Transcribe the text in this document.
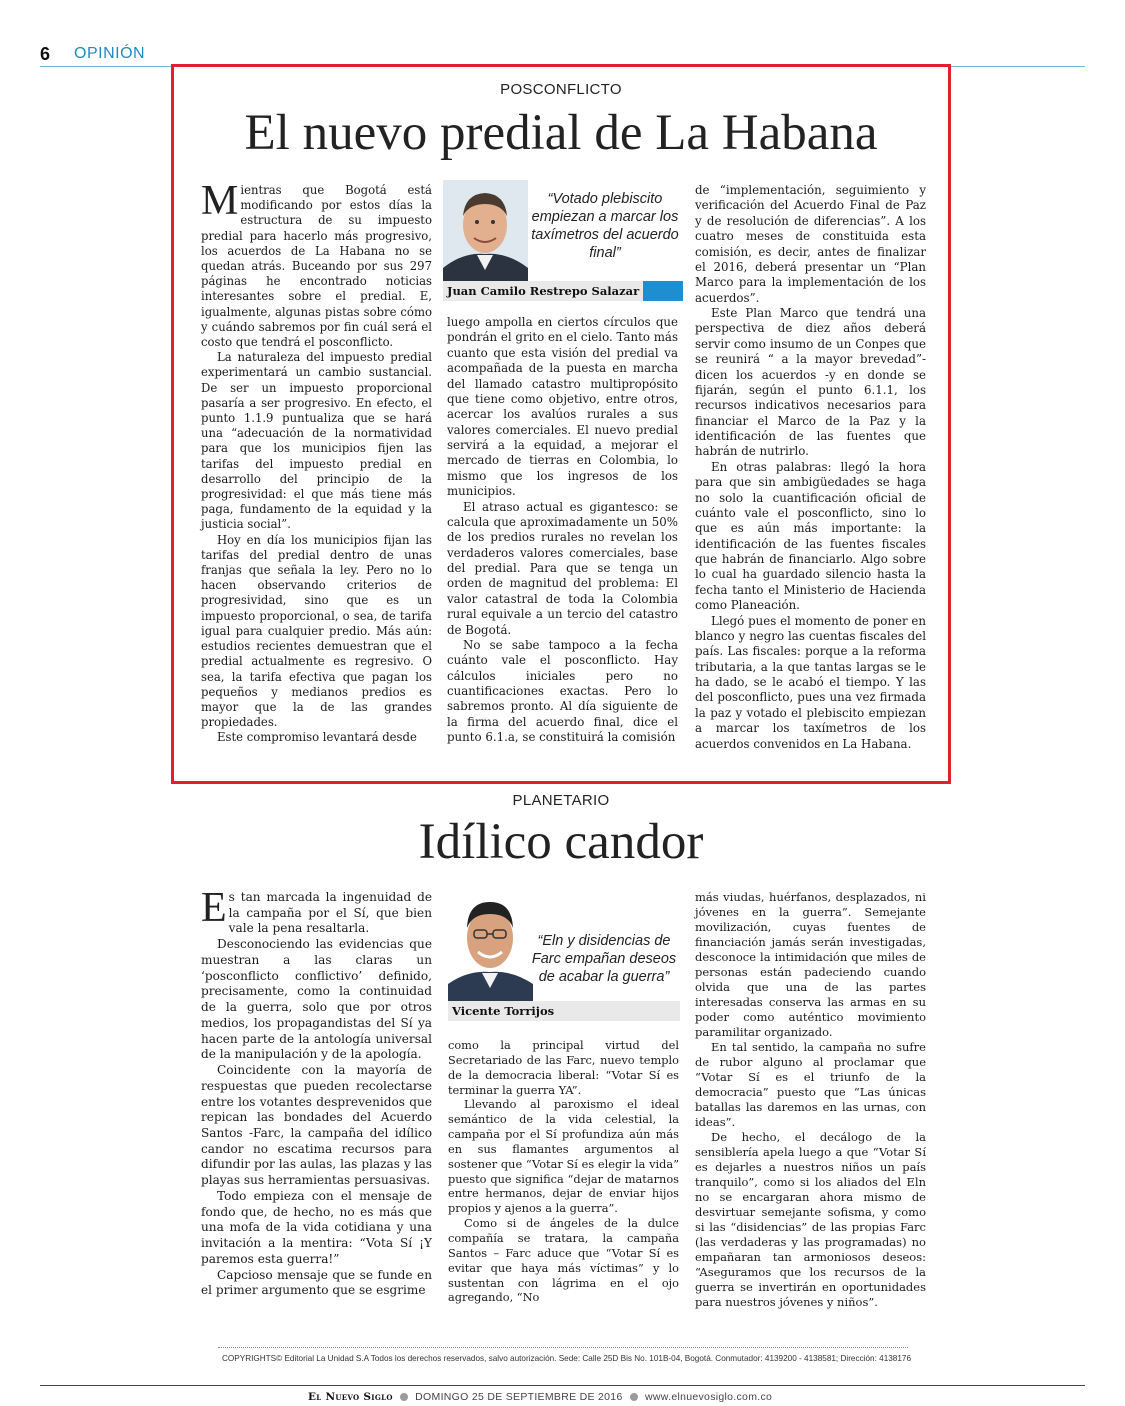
6 OPINIÓN
POSCONFLICTO
El nuevo predial de La Habana

Mientras que Bogotá está modificando por estos días la estructura de su impuesto predial para hacerlo más progresivo, los acuerdos de La Habana no se quedan atrás. Buceando por sus 297 páginas he encontrado noticias interesantes sobre el predial. E, igualmente, algunas pistas sobre cómo y cuándo sabremos por fin cuál será el costo que tendrá el posconflicto.

La naturaleza del impuesto predial experimentará un cambio sustancial. De ser un impuesto proporcional pasaría a ser progresivo. En efecto, el punto 1.1.9 puntualiza que se hará una “adecuación de la normatividad para que los municipios fijen las tarifas del impuesto predial en desarrollo del principio de la progresividad: el que más tiene más paga, fundamento de la equidad y la justicia social”.

Hoy en día los municipios fijan las tarifas del predial dentro de unas franjas que señala la ley. Pero no lo hacen observando criterios de progresividad, sino que es un impuesto proporcional, o sea, de tarifa igual para cualquier predio. Más aún: estudios recientes demuestran que el predial actualmente es regresivo. O sea, la tarifa efectiva que pagan los pequeños y medianos predios es mayor que la de las grandes propiedades.

Este compromiso levantará desde

“Votado plebiscito empiezan a marcar los taxímetros del acuerdo final”
Juan Camilo Restrepo Salazar

luego ampolla en ciertos círculos que pondrán el grito en el cielo. Tanto más cuanto que esta visión del predial va acompañada de la puesta en marcha del llamado catastro multipropósito que tiene como objetivo, entre otros, acercar los avalúos rurales a sus valores comerciales. El nuevo predial servirá a la equidad, a mejorar el mercado de tierras en Colombia, lo mismo que los ingresos de los municipios.

El atraso actual es gigantesco: se calcula que aproximadamente un 50% de los predios rurales no revelan los verdaderos valores comerciales, base del predial. Para que se tenga un orden de magnitud del problema: El valor catastral de toda la Colombia rural equivale a un tercio del catastro de Bogotá.

No se sabe tampoco a la fecha cuánto vale el posconflicto. Hay cálculos iniciales pero no cuantificaciones exactas. Pero lo sabremos pronto. Al día siguiente de la firma del acuerdo final, dice el punto 6.1.a, se constituirá la comisión

de “implementación, seguimiento y verificación del Acuerdo Final de Paz y de resolución de diferencias”. A los cuatro meses de constituida esta comisión, es decir, antes de finalizar el 2016, deberá presentar un “Plan Marco para la implementación de los acuerdos”.

Este Plan Marco que tendrá una perspectiva de diez años deberá servir como insumo de un Conpes que se reunirá “ a la mayor brevedad”- dicen los acuerdos -y en donde se fijarán, según el punto 6.1.1, los recursos indicativos necesarios para financiar el Marco de la Paz y la identificación de las fuentes que habrán de nutrirlo.

En otras palabras: llegó la hora para que sin ambigüedades se haga no solo la cuantificación oficial de cuánto vale el posconflicto, sino lo que es aún más importante: la identificación de las fuentes fiscales que habrán de financiarlo. Algo sobre lo cual ha guardado silencio hasta la fecha tanto el Ministerio de Hacienda como Planeación.

Llegó pues el momento de poner en blanco y negro las cuentas fiscales del país. Las fiscales: porque a la reforma tributaria, a la que tantas largas se le ha dado, se le acabó el tiempo. Y las del posconflicto, pues una vez firmada la paz y votado el plebiscito empiezan a marcar los taxímetros de los acuerdos convenidos en La Habana.

PLANETARIO
Idílico candor

Es tan marcada la ingenuidad de la campaña por el Sí, que bien vale la pena resaltarla.

Desconociendo las evidencias que muestran a las claras un ‘posconflicto conflictivo’ definido, precisamente, como la continuidad de la guerra, solo que por otros medios, los propagandistas del Sí ya hacen parte de la antología universal de la manipulación y de la apología.

Coincidente con la mayoría de respuestas que pueden recolectarse entre los votantes desprevenidos que repican las bondades del Acuerdo Santos -Farc, la campaña del idílico candor no escatima recursos para difundir por las aulas, las plazas y las playas sus herramientas persuasivas.

Todo empieza con el mensaje de fondo que, de hecho, no es más que una mofa de la vida cotidiana y una invitación a la mentira: “Vota Sí ¡Y paremos esta guerra!”

Capcioso mensaje que se funde en el primer argumento que se esgrime

“Eln y disidencias de Farc empañan deseos de acabar la guerra”
Vicente Torrijos

como la principal virtud del Secretariado de las Farc, nuevo templo de la democracia liberal: “Votar Sí es terminar la guerra YA”.

Llevando al paroxismo el ideal semántico de la vida celestial, la campaña por el Sí profundiza aún más en sus flamantes argumentos al sostener que “Votar Sí es elegir la vida” puesto que significa “dejar de matarnos entre hermanos, dejar de enviar hijos propios y ajenos a la guerra”.

Como si de ángeles de la dulce compañía se tratara, la campaña Santos – Farc aduce que “Votar Sí es evitar que haya más víctimas” y lo sustentan con lágrima en el ojo agregando, “No

más viudas, huérfanos, desplazados, ni jóvenes en la guerra”. Semejante movilización, cuyas fuentes de financiación jamás serán investigadas, desconoce la intimidación que miles de personas están padeciendo cuando olvida que una de las partes interesadas conserva las armas en su poder como auténtico movimiento paramilitar organizado.

En tal sentido, la campaña no sufre de rubor alguno al proclamar que “Votar Sí es el triunfo de la democracia” puesto que “Las únicas batallas las daremos en las urnas, con ideas”.

De hecho, el decálogo de la sensiblería apela luego a que “Votar Sí es dejarles a nuestros niños un país tranquilo”, como si los aliados del Eln no se encargaran ahora mismo de desvirtuar semejante sofisma, y como si las “disidencias” de las propias Farc (las verdaderas y las programadas) no empañaran tan armoniosos deseos: “Aseguramos que los recursos de la guerra se invertirán en oportunidades para nuestros jóvenes y niños”.

COPYRIGHTS© Editorial La Unidad S.A Todos los derechos reservados, salvo autorización. Sede: Calle 25D Bis No. 101B-04, Bogotá. Conmutador: 4139200 - 4138581; Dirección: 4138176
El Nuevo Siglo DOMINGO 25 DE SEPTIEMBRE DE 2016 www.elnuevosiglo.com.co
